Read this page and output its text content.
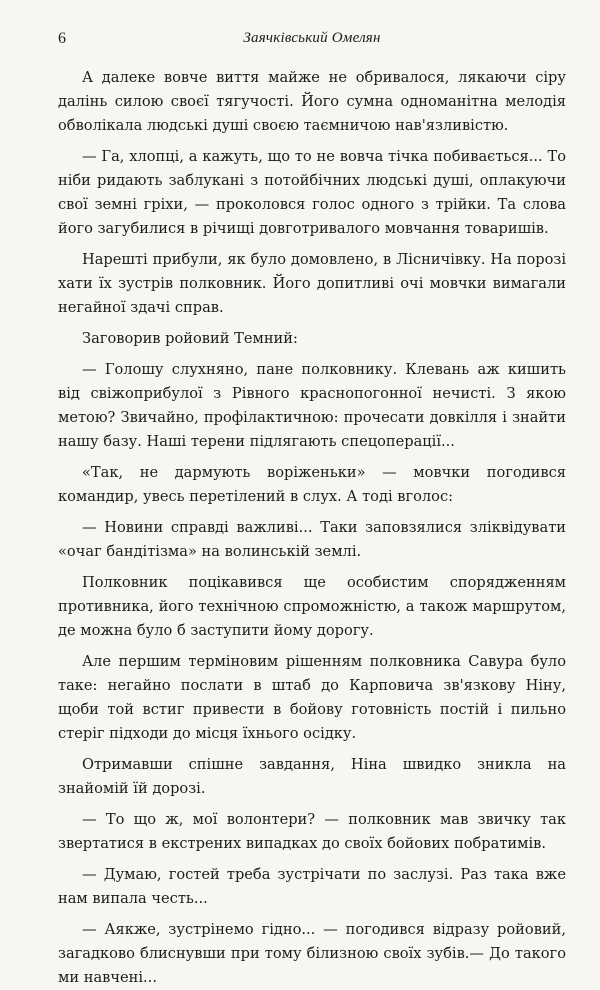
6	Заячківський Омелян

А далеке вовче виття майже не обривалося, лякаючи сіру далінь силою своєї тягучості. Його сумна одноманітна мелодія обволікала людські душі своєю таємничою нав'язливістю.

— Га, хлопці, а кажуть, що то не вовча тічка побивається... То ніби ридають заблукані з потойбічних людські душі, оплакуючи свої земні гріхи, — проколовся голос одного з трійки. Та слова його загубилися в річищі довготривалого мовчання товаришів.

Нарешті прибули, як було домовлено, в Лісничівку. На порозі хати їх зустрів полковник. Його допитливі очі мовчки вимагали негайної здачі справ.

Заговорив ройовий Темний:

— Голошу слухняно, пане полковнику. Клевань аж кишить від свіжоприбулої з Рівного краснопогонної нечисті. З якою метою? Звичайно, профілактичною: прочесати довкілля і знайти нашу базу. Наші терени підлягають спецоперації...

«Так, не дармують воріженьки» — мовчки погодився командир, увесь перетілений в слух. А тоді вголос:

— Новини справді важливі... Таки заповзялися зліквідувати «очаг бандітізма» на волинській землі.

Полковник поцікавився ще особистим спорядженням противника, його технічною спроможністю, а також маршрутом, де можна було б заступити йому дорогу.

Але першим терміновим рішенням полковника Савура було таке: негайно послати в штаб до Карповича зв'язкову Ніну, щоби той встиг привести в бойову готовність постій і пильно стеріг підходи до місця їхнього осідку.

Отримавши спішне завдання, Ніна швидко зникла на знайомій їй дорозі.

— То що ж, мої волонтери? — полковник мав звичку так звертатися в екстрених випадках до своїх бойових побратимів.

— Думаю, гостей треба зустрічати по заслузі. Раз така вже нам випала честь...

— Аякже, зустрінемо гідно... — погодився відразу ройовий, загадково блиснувши при тому білизною своїх зубів.— До такого ми навчені...
